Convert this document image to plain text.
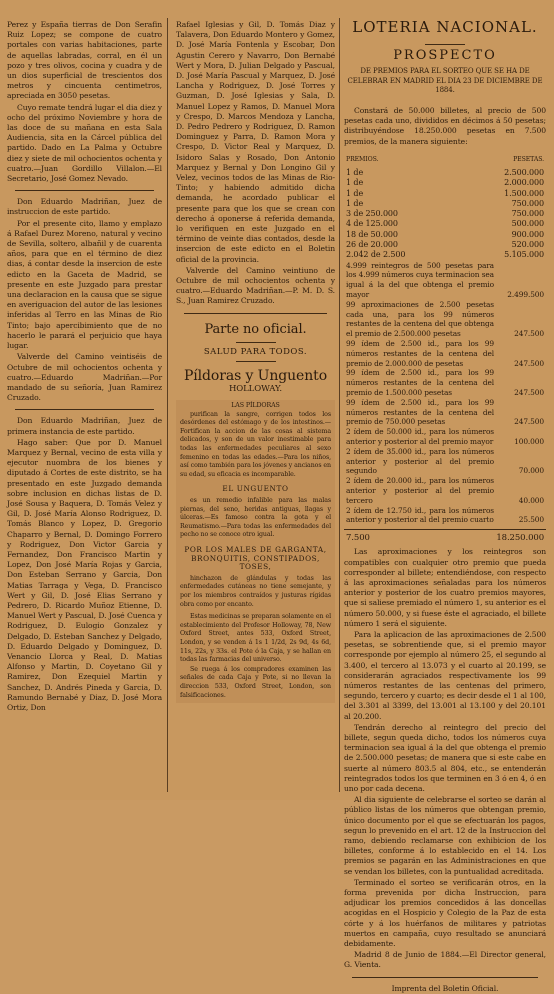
Perez y España tierras de Don Serafin Ruiz Lopez; se compone de cuatro portales con varias habitaciones, parte de aquellas labradas, corral, en él un pozo y tres olivos, cocina y cuadra y de un dios superficial de trescientos dos metros y cincuenta centimetros, apreciada en 3050 pesetas.

Cuyo remate tendrá lugar el dia diez y ocho del próximo Noviembre y hora de las doce de su mañana en esta Sala Audiencia, sita en la Cárcel pública del partido. Dado en La Palma y Octubre diez y siete de mil ochocientos ochenta y cuatro.—Juan Gordillo Villalon.—El Secretario, José Gomez Nevado.

Don Eduardo Madriñan, Juez de instruccion de este partido.

Por el presente cito, llamo y emplazo á Rafael Durez Moreno, natural y vecino de Sevilla, soltero, albañil y de cuarenta años, para que en el término de diez dias, á contar desde la insercion de este edicto en la Gaceta de Madrid, se presente en este Juzgado para prestar una declaracion en la causa que se sigue en averiguacion del autor de las lesiones inferidas al Terro en las Minas de Rio Tinto; bajo apercibimiento que de no hacerlo le parará el perjuicio que haya lugar.

Valverde del Camino veintiséis de Octubre de mil ochocientos ochenta y cuatro.—Eduardo Madriñan.—Por mandado de su señoría, Juan Ramirez Cruzado.

Don Eduardo Madriñan, Juez de primera instancia de este partido.

Hago saber: Que por D. Manuel Marquez y Bernal, vecino de esta villa y ejecutor nuombra de los bienes y diputado á Cortes de este distrito, se ha presentado en este Juzgado demanda sobre inclusion en dichas listas de D. José Sousa y Baquera, D. Tomás Velez y Gil, D. José María Alonso Rodriguez, D. Tomás Blanco y Lopez, D. Gregorio Chaparro y Bernal, D. Domingo Forrero y Rodriguez, Don Victor Garcia y Fernandez, Don Francisco Martin y Lopez, Don José María Rojas y Garcia, Don Esteban Serrano y Garcia, Don Matias Tarraga y Vega, D. Francisco Wert y Gil, D. José Elias Serrano y Pedrero, D. Ricardo Muñoz Etienne, D. Manuel Wert y Pascual, D. José Cuenca y Rodriguez, D. Eulogio Gonzalez y Delgado, D. Esteban Sanchez y Delgado, D. Eduardo Delgado y Dominguez, D. Venancio Llorca y Real, D. Matias Alfonso y Martin, D. Coyetano Gil y Ramirez, Don Ezequiel Martin y Sanchez, D. Andrés Pineda y Garcia, D. Ramundo Bernabé y Diaz, D. José Mora Ortiz, Don

Rafael Iglesias y Gil, D. Tomás Diaz y Talavera, Don Eduardo Montero y Gomez, D. José María Fontenla y Escobar, Don Agustin Cerero y Navarro, Don Bernabé Wert y Mora, D. Julian Delgado y Pascual, D. José María Pascual y Marquez, D. José Lancha y Rodriguez, D. José Torres y Guzman, D. José Iglesias y Sala, D. Manuel Lopez y Ramos, D. Manuel Mora y Crespo, D. Marcos Mendoza y Lancha, D. Pedro Pedrero y Rodriguez, D. Ramon Dominguez y Parra, D. Ramon Mora y Crespo, D. Victor Real y Marquez, D. Isidoro Salas y Rosado, Don Antonio Marquez y Bernal y Don Longino Gil y Velez, vecinos todos de las Minas de Rio-Tinto; y habiendo admitido dicha demanda, he acordado publicar el presente para que los que se crean con derecho á oponerse á referida demanda, lo verifiquen en este Juzgado en el término de veinte dias contados, desde la insercion de este edicto en el Boletin oficial de la provincia.

Valverde del Camino veintiuno de Octubre de mil ochocientos ochenta y cuatro.—Eduardo Madriñan.—P. M. D. S. S., Juan Ramirez Cruzado.

Parte no oficial.
SALUD PARA TODOS.
Píldoras y Unguento
HOLLOWAY.
LAS PÍLDORAS

purifican la sangre, corrigen todos los desórdenes del estómago y de los intestinos.—Fortifican la accion de las cosas al sistema delicados, y son de un valor inestimable para todas las enfermedades peculiares al sexo femenino en todas las edades.—Para los niños, así como también para los jóvenes y ancianos en su edad, su eficacia es incomparable.

EL UNGUENTO

es un remedio infalible para las malas piernas, del seno, heridas antiguas, llagas y úlceras.—Es famoso contra la gota y el Reumatismo.—Para todas las enfermedades del pecho no se conoce otro igual.

POR LOS MALES DE GARGANTA, BRONQUITIS, CONSTIPADOS, TOSES,

hinchazon de glándulas y todas las enfermedades cutáneas no tiene semejante, y por los miembros contraídos y justuras rígidas obra como por encanto.

Estas medicinas se preparan solamente en el establecimiento del Profesor Holloway, 78, New Oxford Street, antes 533, Oxford Street, London, y se venden á 1s 1 1/2d, 2s 9d, 4s 6d, 11s, 22s, y 33s. el Pote ó la Caja, y se hallan en todas las farmacias del universo.

Se ruega á los compradores examinen las señales de cada Caja y Pote, si no llevan la direccion 533, Oxford Street, London, son falsificaciones.

LOTERIA NACIONAL.
PROSPECTO
DE PREMIOS PARA EL SORTEO QUE SE HA DE CELEBRAR EN MADRID EL DIA 23 DE DICIEMBRE DE 1884.

Constará de 50.000 billetes, al precio de 500 pesetas cada uno, divididos en décimos á 50 pesetas; distribuyéndose 18.250.000 pesetas en 7.500 premios, de la manera siguiente:

PREMIOS.	PESETAS.
1 de	2.500.000
1 de	2.000.000
1 de	1.500.000
1 de	750.000
3 de 250.000	750.000
4 de 125.000	500.000
18 de 50.000	900.000
26 de 20.000	520.000
2.042 de 2.500	5.105.000
4.999 reintegros de 500 pesetas para los 4.999 números cuya terminacion sea igual á la del que obtenga el premio mayor	2.499.500
99 aproximaciones de 2.500 pesetas cada una, para los 99 números restantes de la centena del que obtenga el premio de 2.500.000 pesetas	247.500
99 ídem de 2.500 id., para los 99 números restantes de la centena del premio de 2.000.000 de pesetas	247.500
99 ídem de 2.500 id., para los 99 números restantes de la centena del premio de 1.500.000 pesetas	247.500
99 ídem de 2.500 id., para los 99 números restantes de la centena del premio de 750.000 pesetas	247.500
2 ídem de 50.000 id., para los números anterior y posterior al del premio mayor	100.000
2 ídem de 35.000 id., para los números anterior y posterior al del premio segundo	70.000
2 ídem de 20.000 id., para los números anterior y posterior al del premio tercero	40.000
2 ídem de 12.750 id., para los números anterior y posterior al del premio cuarto	25.500
7.500	18.250.000

Las aproximaciones y los reintegros son compatibles con cualquier otro premio que pueda corresponder al billete; entendiéndose, con respecto á las aproximaciones señaladas para los números anterior y posterior de los cuatro premios mayores, que si saliese premiado el número 1, su anterior es el número 50.000, y si fuese éste el agraciado, el billete número 1 será el siguiente.

Para la aplicacion de las aproximaciones de 2.500 pesetas, se sobrentiende que, si el premio mayor corresponde por ejemplo al número 25, el segundo al 3.400, el tercero al 13.073 y el cuarto al 20.199, se considerarán agraciados respectivamente los 99 números restantes de las centenas del primero, segundo, tercero y cuarto; es decir desde el 1 al 100, del 3.301 al 3399, del 13.001 al 13.100 y del 20.101 al 20.200.

Tendrán derecho al reintegro del precio del billete, segun queda dicho, todos los números cuya terminacion sea igual á la del que obtenga el premio de 2.500.000 pesetas; de manera que si este cabe en suerte al número 803.5 al 804, etc., se entenderán reintegrados todos los que terminen en 3 ó en 4, ó en uno por cada decena.

Al dia siguiente de celebrarse el sorteo se darán al público listas de los números que obtengan premio, único documento por el que se efectuarán los pagos, segun lo prevenido en el art. 12 de la Instruccion del ramo, debiendo reclamarse con exhibicion de los billetes, conforme á lo establecido en el 14. Los premios se pagarán en las Administraciones en que se vendan los billetes, con la puntualidad acreditada.

Terminado el sorteo se verificarán otros, en la forma prevenida por dicha Instruccion, para adjudicar los premios concedidos á las doncellas acogidas en el Hospicio y Colegio de la Paz de esta córte y á los huérfanos de militares y patriotas muertos en campaña, cuyo resultado se anunciará debidamente.

Madrid 8 de Junio de 1884.—El Director general, G. Vienta.

Imprenta del Boletin Oficial.
